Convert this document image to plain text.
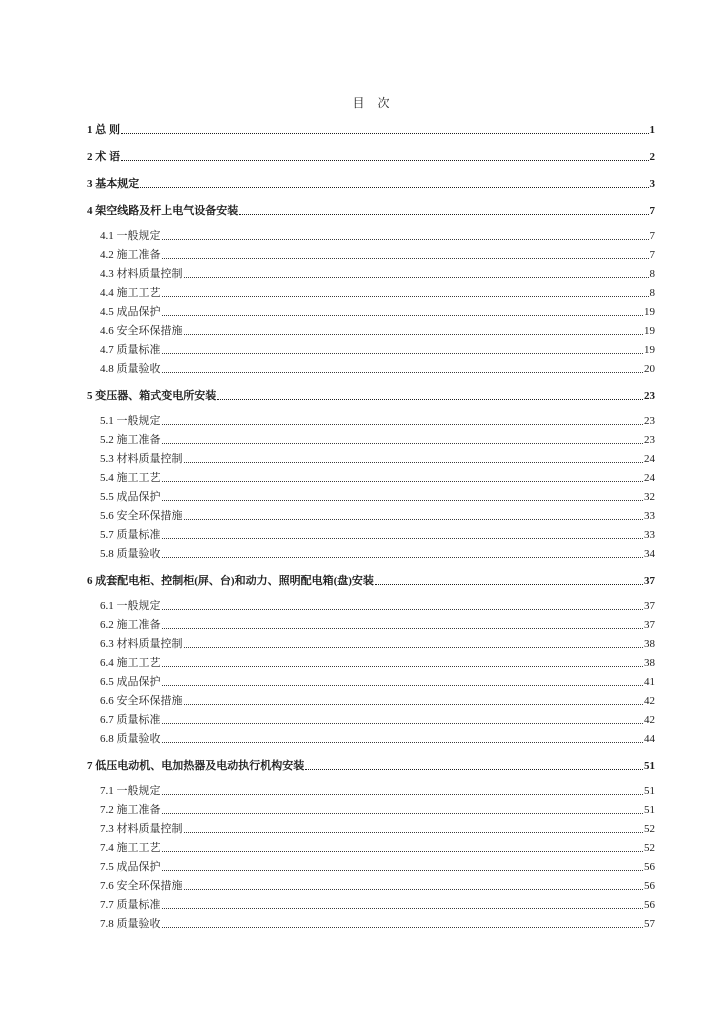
目 次
1 总 则	1
2 术 语	2
3 基本规定	3
4 架空线路及杆上电气设备安装	7
4.1 一般规定	7
4.2 施工准备	7
4.3 材料质量控制	8
4.4 施工工艺	8
4.5 成品保护	19
4.6 安全环保措施	19
4.7 质量标准	19
4.8 质量验收	20
5 变压器、箱式变电所安装	23
5.1 一般规定	23
5.2 施工准备	23
5.3 材料质量控制	24
5.4 施工工艺	24
5.5 成品保护	32
5.6 安全环保措施	33
5.7 质量标准	33
5.8 质量验收	34
6 成套配电柜、控制柜(屏、台)和动力、照明配电箱(盘)安装	37
6.1 一般规定	37
6.2 施工准备	37
6.3 材料质量控制	38
6.4 施工工艺	38
6.5 成品保护	41
6.6 安全环保措施	42
6.7 质量标准	42
6.8 质量验收	44
7 低压电动机、电加热器及电动执行机构安装	51
7.1 一般规定	51
7.2 施工准备	51
7.3 材料质量控制	52
7.4 施工工艺	52
7.5 成品保护	56
7.6 安全环保措施	56
7.7 质量标准	56
7.8 质量验收	57
